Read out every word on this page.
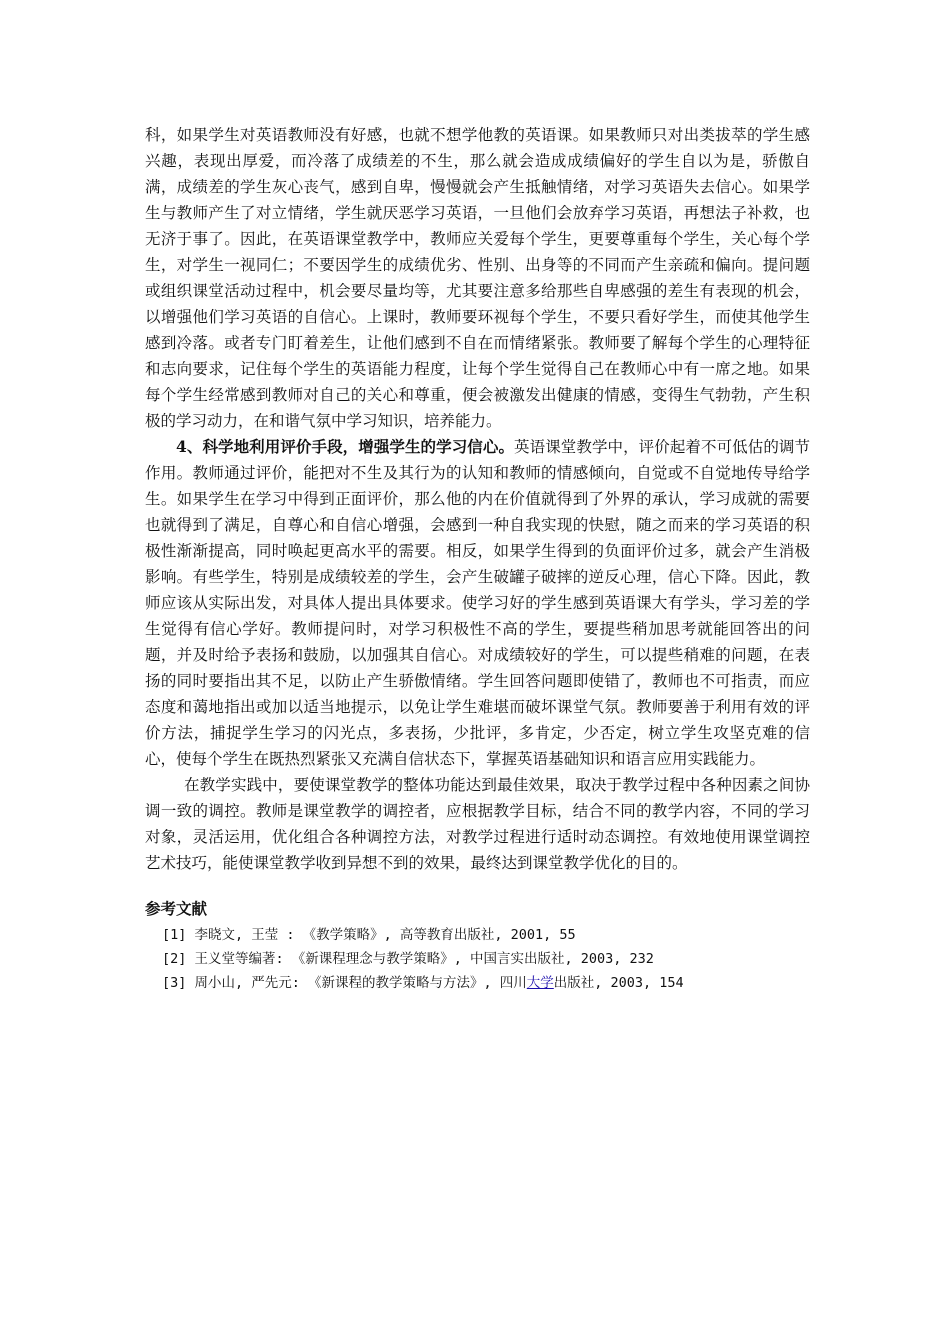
科，如果学生对英语教师没有好感，也就不想学他教的英语课。如果教师只对出类拔萃的学生感兴趣，表现出厚爱，而冷落了成绩差的不生，那么就会造成成绩偏好的学生自以为是，骄傲自满，成绩差的学生灰心丧气，感到自卑，慢慢就会产生抵触情绪，对学习英语失去信心。如果学生与教师产生了对立情绪，学生就厌恶学习英语，一旦他们会放弃学习英语，再想法子补救，也无济于事了。因此，在英语课堂教学中，教师应关爱每个学生，更要尊重每个学生，关心每个学生，对学生一视同仁；不要因学生的成绩优劣、性别、出身等的不同而产生亲疏和偏向。提问题或组织课堂活动过程中，机会要尽量均等，尤其要注意多给那些自卑感强的差生有表现的机会，以增强他们学习英语的自信心。上课时，教师要环视每个学生，不要只看好学生，而使其他学生感到冷落。或者专门盯着差生，让他们感到不自在而情绪紧张。教师要了解每个学生的心理特征和志向要求，记住每个学生的英语能力程度，让每个学生觉得自己在教师心中有一席之地。如果每个学生经常感到教师对自己的关心和尊重，便会被激发出健康的情感，变得生气勃勃，产生积极的学习动力，在和谐气氛中学习知识，培养能力。

4、科学地利用评价手段，增强学生的学习信心。英语课堂教学中，评价起着不可低估的调节作用。教师通过评价，能把对不生及其行为的认知和教师的情感倾向，自觉或不自觉地传导给学生。如果学生在学习中得到正面评价，那么他的内在价值就得到了外界的承认，学习成就的需要也就得到了满足，自尊心和自信心增强，会感到一种自我实现的快慰，随之而来的学习英语的积极性渐渐提高，同时唤起更高水平的需要。相反，如果学生得到的负面评价过多，就会产生消极影响。有些学生，特别是成绩较差的学生，会产生破罐子破摔的逆反心理，信心下降。因此，教师应该从实际出发，对具体人提出具体要求。使学习好的学生感到英语课大有学头，学习差的学生觉得有信心学好。教师提问时，对学习积极性不高的学生，要提些稍加思考就能回答出的问题，并及时给予表扬和鼓励，以加强其自信心。对成绩较好的学生，可以提些稍难的问题，在表扬的同时要指出其不足，以防止产生骄傲情绪。学生回答问题即使错了，教师也不可指责，而应态度和蔼地指出或加以适当地提示，以免让学生难堪而破坏课堂气氛。教师要善于利用有效的评价方法，捕捉学生学习的闪光点，多表扬，少批评，多肯定，少否定，树立学生攻坚克难的信心，使每个学生在既热烈紧张又充满自信状态下，掌握英语基础知识和语言应用实践能力。

在教学实践中，要使课堂教学的整体功能达到最佳效果，取决于教学过程中各种因素之间协调一致的调控。教师是课堂教学的调控者，应根据教学目标，结合不同的教学内容，不同的学习对象，灵活运用，优化组合各种调控方法，对教学过程进行适时动态调控。有效地使用课堂调控艺术技巧，能使课堂教学收到异想不到的效果，最终达到课堂教学优化的目的。

参考文献
[1] 李晓文, 王莹 : 《教学策略》, 高等教育出版社, 2001, 55
[2] 王义堂等编著: 《新课程理念与教学策略》, 中国言实出版社, 2003, 232
[3] 周小山, 严先元: 《新课程的教学策略与方法》, 四川大学出版社, 2003, 154
